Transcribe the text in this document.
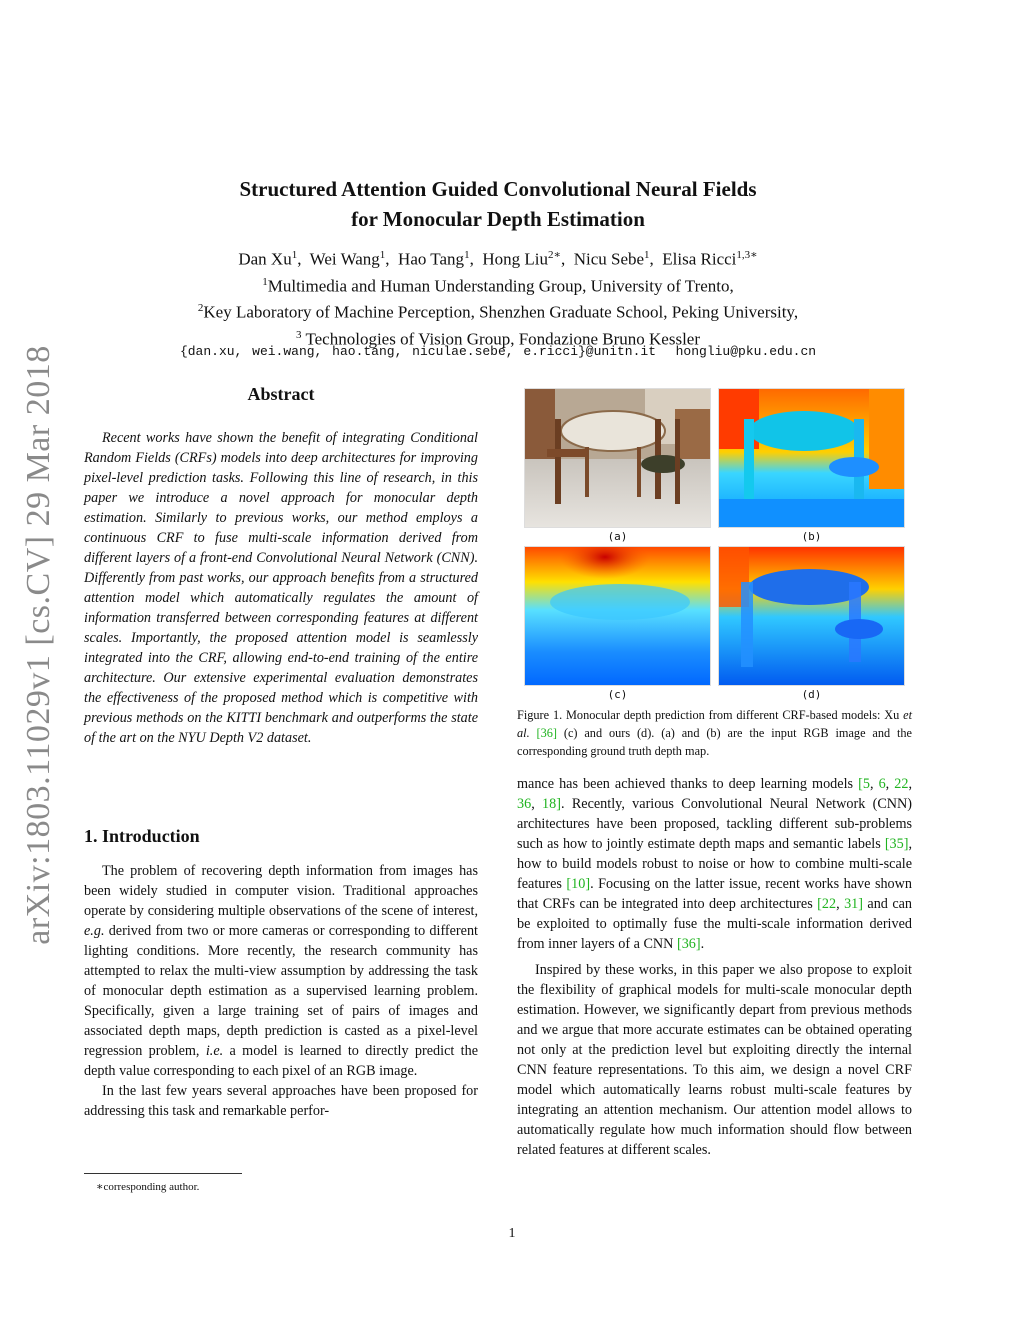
arXiv:1803.11029v1 [cs.CV] 29 Mar 2018
Structured Attention Guided Convolutional Neural Fields
for Monocular Depth Estimation
Dan Xu$^1$,  Wei Wang$^1$,  Hao Tang$^1$,  Hong Liu$^{2∗}$,  Nicu Sebe$^1$,  Elisa Ricci$^{1,3∗}$
$^1$Multimedia and Human Understanding Group, University of Trento,
$^2$Key Laboratory of Machine Perception, Shenzhen Graduate School, Peking University,
$^3$ Technologies of Vision Group, Fondazione Bruno Kessler
{dan.xu, wei.wang, hao.tang, niculae.sebe, e.ricci}@unitn.it hongliu@pku.edu.cn
Abstract

Recent works have shown the benefit of integrating Conditional Random Fields (CRFs) models into deep architectures for improving pixel-level prediction tasks. Following this line of research, in this paper we introduce a novel approach for monocular depth estimation. Similarly to previous works, our method employs a continuous CRF to fuse multi-scale information derived from different layers of a front-end Convolutional Neural Network (CNN). Differently from past works, our approach benefits from a structured attention model which automatically regulates the amount of information transferred between corresponding features at different scales. Importantly, the proposed attention model is seamlessly integrated into the CRF, allowing end-to-end training of the entire architecture. Our extensive experimental evaluation demonstrates the effectiveness of the proposed method which is competitive with previous methods on the KITTI benchmark and outperforms the state of the art on the NYU Depth V2 dataset.

1. Introduction

The problem of recovering depth information from images has been widely studied in computer vision. Traditional approaches operate by considering multiple observations of the scene of interest, e.g. derived from two or more cameras or corresponding to different lighting conditions. More recently, the research community has attempted to relax the multi-view assumption by addressing the task of monocular depth estimation as a supervised learning problem. Specifically, given a large training set of pairs of images and associated depth maps, depth prediction is casted as a pixel-level regression problem, i.e. a model is learned to directly predict the depth value corresponding to each pixel of an RGB image.

In the last few years several approaches have been proposed for addressing this task and remarkable perfor-

∗corresponding author.
(a)	(b)
(c)	(d)
Figure 1. Monocular depth prediction from different CRF-based models: Xu et al. [36] (c) and ours (d). (a) and (b) are the input RGB image and the corresponding ground truth depth map.

mance has been achieved thanks to deep learning models [5, 6, 22, 36, 18]. Recently, various Convolutional Neural Network (CNN) architectures have been proposed, tackling different sub-problems such as how to jointly estimate depth maps and semantic labels [35], how to build models robust to noise or how to combine multi-scale features [10]. Focusing on the latter issue, recent works have shown that CRFs can be integrated into deep architectures [22, 31] and can be exploited to optimally fuse the multi-scale information derived from inner layers of a CNN [36].

Inspired by these works, in this paper we also propose to exploit the flexibility of graphical models for multi-scale monocular depth estimation. However, we significantly depart from previous methods and we argue that more accurate estimates can be obtained operating not only at the prediction level but exploiting directly the internal CNN feature representations. To this aim, we design a novel CRF model which automatically learns robust multi-scale features by integrating an attention mechanism. Our attention model allows to automatically regulate how much information should flow between related features at different scales.

1
